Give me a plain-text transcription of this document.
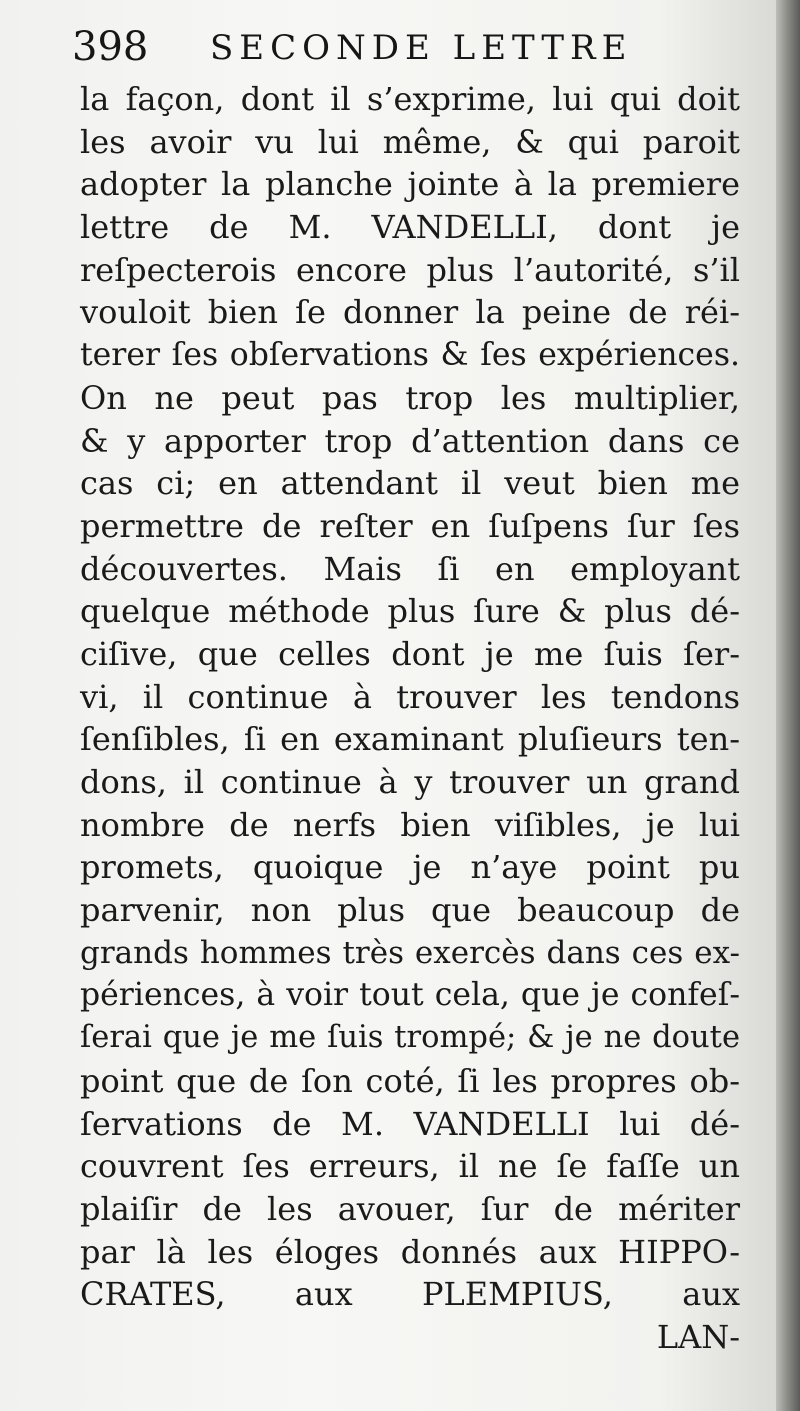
398 SECONDE LETTRE
la façon, dont il s’exprime, lui qui doit
les avoir vu lui même, & qui paroit
adopter la planche jointe à la premiere
lettre de M. VANDELLI, dont je
reſpecterois encore plus l’autorité, s’il
vouloit bien ſe donner la peine de réi-
terer ſes obſervations & ſes expériences.
On ne peut pas trop les multiplier,
& y apporter trop d’attention dans ce
cas ci; en attendant il veut bien me
permettre de reſter en ſuſpens ſur ſes
découvertes. Mais ſi en employant
quelque méthode plus ſure & plus dé-
ciſive, que celles dont je me ſuis ſer-
vi, il continue à trouver les tendons
ſenſibles, ſi en examinant pluſieurs ten-
dons, il continue à y trouver un grand
nombre de nerfs bien viſibles, je lui
promets, quoique je n’aye point pu
parvenir, non plus que beaucoup de
grands hommes très exercès dans ces ex-
périences, à voir tout cela, que je confeſ-
ſerai que je me ſuis trompé; & je ne doute
point que de ſon coté, ſi les propres ob-
ſervations de M. VANDELLI lui dé-
couvrent ſes erreurs, il ne ſe faſſe un
plaiſir de les avouer, ſur de mériter
par là les éloges donnés aux HIPPO-
CRATES, aux PLEMPIUS, aux
LAN-
